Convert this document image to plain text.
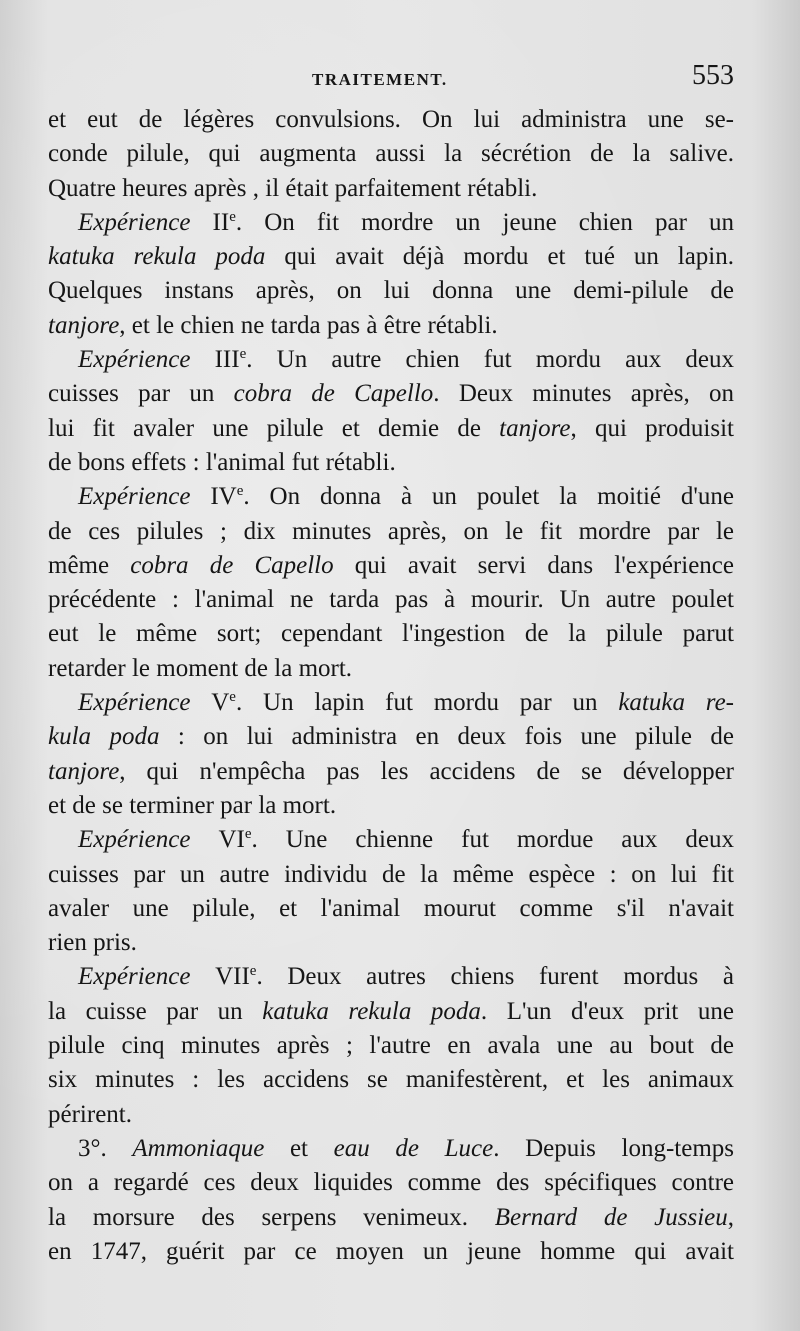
TRAITEMENT.	553
et eut de légères convulsions. On lui administra une se-
conde pilule, qui augmenta aussi la sécrétion de la salive.
Quatre heures après , il était parfaitement rétabli.
Expérience IIe. On fit mordre un jeune chien par un
katuka rekula poda qui avait déjà mordu et tué un lapin.
Quelques instans après, on lui donna une demi-pilule de
tanjore, et le chien ne tarda pas à être rétabli.
Expérience IIIe. Un autre chien fut mordu aux deux
cuisses par un cobra de Capello. Deux minutes après, on
lui fit avaler une pilule et demie de tanjore, qui produisit
de bons effets : l'animal fut rétabli.
Expérience IVe. On donna à un poulet la moitié d'une
de ces pilules ; dix minutes après, on le fit mordre par le
même cobra de Capello qui avait servi dans l'expérience
précédente : l'animal ne tarda pas à mourir. Un autre poulet
eut le même sort; cependant l'ingestion de la pilule parut
retarder le moment de la mort.
Expérience Ve. Un lapin fut mordu par un katuka re-
kula poda : on lui administra en deux fois une pilule de
tanjore, qui n'empêcha pas les accidens de se développer
et de se terminer par la mort.
Expérience VIe. Une chienne fut mordue aux deux
cuisses par un autre individu de la même espèce : on lui fit
avaler une pilule, et l'animal mourut comme s'il n'avait
rien pris.
Expérience VIIe. Deux autres chiens furent mordus à
la cuisse par un katuka rekula poda. L'un d'eux prit une
pilule cinq minutes après ; l'autre en avala une au bout de
six minutes : les accidens se manifestèrent, et les animaux
périrent.
3°. Ammoniaque et eau de Luce. Depuis long-temps
on a regardé ces deux liquides comme des spécifiques contre
la morsure des serpens venimeux. Bernard de Jussieu,
en 1747, guérit par ce moyen un jeune homme qui avait
